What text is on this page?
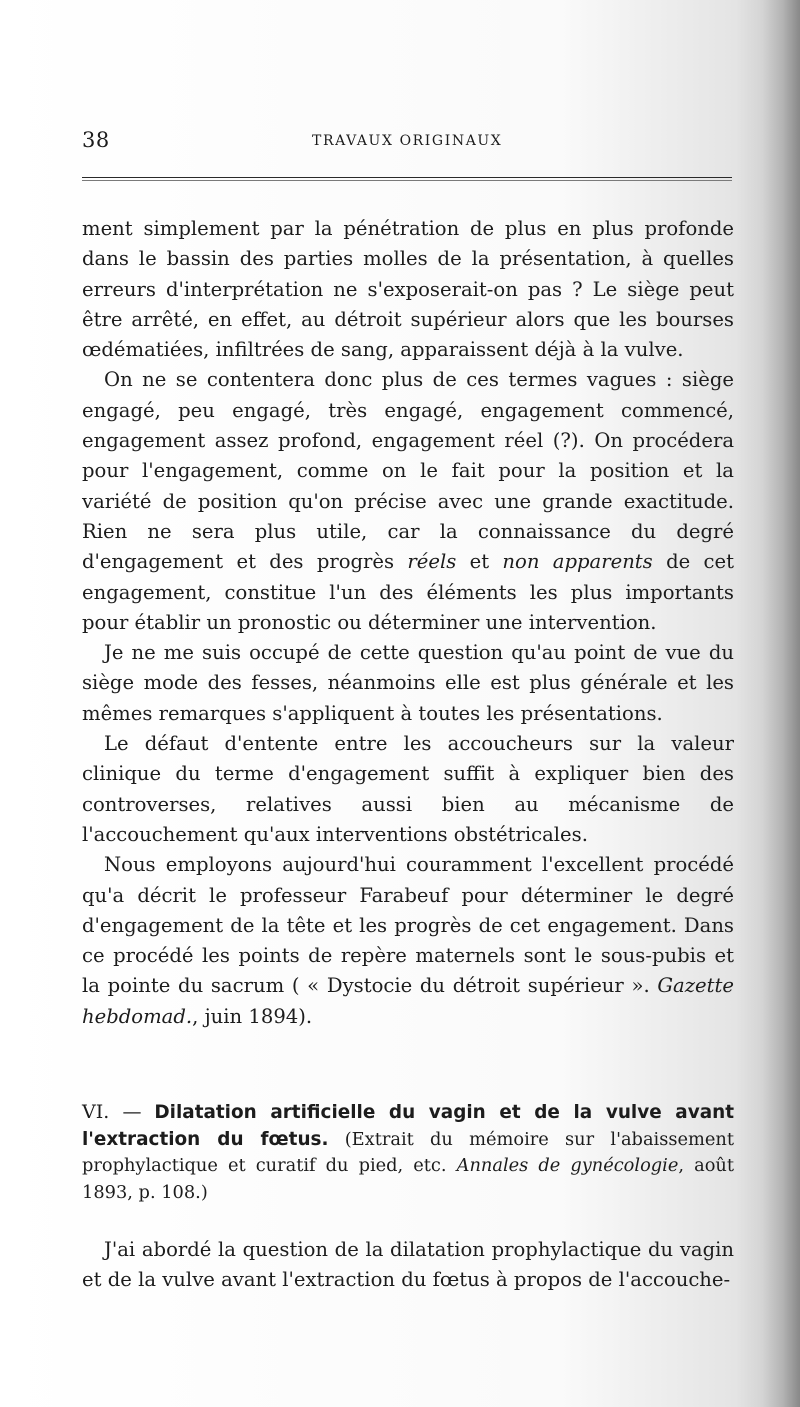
38	TRAVAUX ORIGINAUX

ment simplement par la pénétration de plus en plus profonde dans le bassin des parties molles de la présentation, à quelles erreurs d'interprétation ne s'exposerait-on pas ? Le siège peut être arrêté, en effet, au détroit supérieur alors que les bourses œdématiées, infiltrées de sang, apparaissent déjà à la vulve.

On ne se contentera donc plus de ces termes vagues : siège engagé, peu engagé, très engagé, engagement commencé, engagement assez profond, engagement réel (?). On procédera pour l'engagement, comme on le fait pour la position et la variété de position qu'on précise avec une grande exactitude. Rien ne sera plus utile, car la connaissance du degré d'engagement et des progrès réels et non apparents de cet engagement, constitue l'un des éléments les plus importants pour établir un pronostic ou déterminer une intervention.

Je ne me suis occupé de cette question qu'au point de vue du siège mode des fesses, néanmoins elle est plus générale et les mêmes remarques s'appliquent à toutes les présentations.

Le défaut d'entente entre les accoucheurs sur la valeur clinique du terme d'engagement suffit à expliquer bien des controverses, relatives aussi bien au mécanisme de l'accouchement qu'aux interventions obstétricales.

Nous employons aujourd'hui couramment l'excellent procédé qu'a décrit le professeur Farabeuf pour déterminer le degré d'engagement de la tête et les progrès de cet engagement. Dans ce procédé les points de repère maternels sont le sous-pubis et la pointe du sacrum ( « Dystocie du détroit supérieur ». Gazette hebdomad., juin 1894).

VI. — Dilatation artificielle du vagin et de la vulve avant l'extraction du fœtus. (Extrait du mémoire sur l'abaissement prophylactique et curatif du pied, etc. Annales de gynécologie, août 1893, p. 108.)

J'ai abordé la question de la dilatation prophylactique du vagin et de la vulve avant l'extraction du fœtus à propos de l'accouche-
